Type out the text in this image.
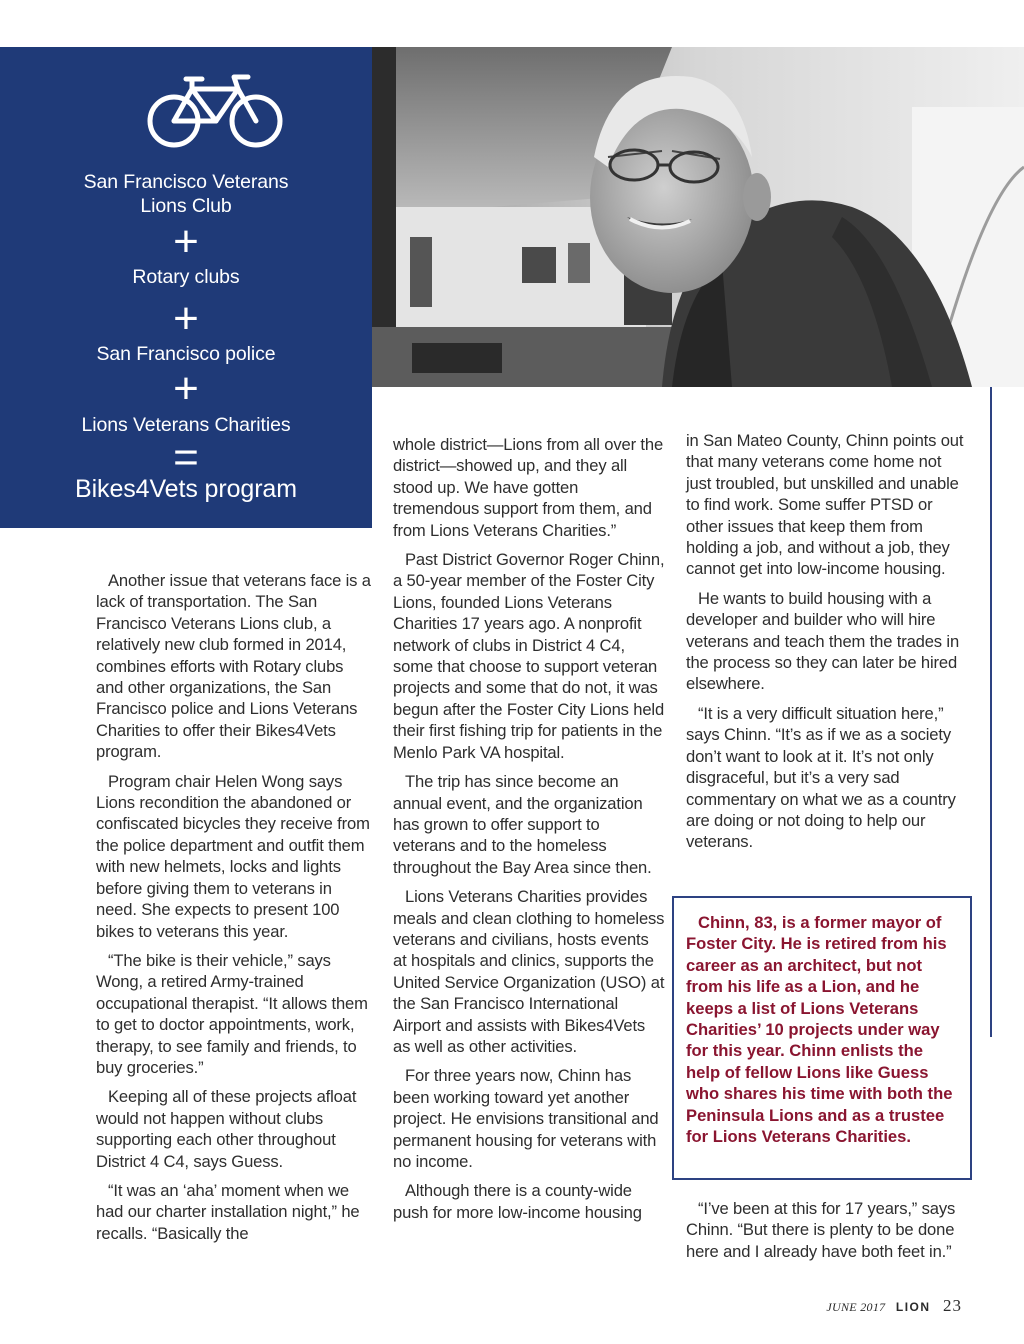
San Francisco Veterans
Lions Club
+
Rotary clubs
+
San Francisco police
+
Lions Veterans Charities
=
Bikes4Vets program

Another issue that veterans face is a lack of transportation. The San Francisco Veterans Lions club, a relatively new club formed in 2014, combines efforts with Rotary clubs and other organizations, the San Francisco police and Lions Veterans Charities to offer their Bikes4Vets program.

Program chair Helen Wong says Lions recondition the abandoned or confiscated bicycles they receive from the police department and outfit them with new helmets, locks and lights before giving them to veterans in need. She expects to present 100 bikes to veterans this year.

“The bike is their vehicle,” says Wong, a retired Army-trained occupational therapist. “It allows them to get to doctor appointments, work, therapy, to see family and friends, to buy groceries.”

Keeping all of these projects afloat would not happen without clubs supporting each other throughout District 4 C4, says Guess.

“It was an ‘aha’ moment when we had our charter installation night,” he recalls. “Basically the

whole district—Lions from all over the district—showed up, and they all stood up. We have gotten tremendous support from them, and from Lions Veterans Charities.”

Past District Governor Roger Chinn, a 50-year member of the Foster City Lions, founded Lions Veterans Charities 17 years ago. A nonprofit network of clubs in District 4 C4, some that choose to support veteran projects and some that do not, it was begun after the Foster City Lions held their first fishing trip for patients in the Menlo Park VA hospital.

The trip has since become an annual event, and the organization has grown to offer support to veterans and to the homeless throughout the Bay Area since then.

Lions Veterans Charities provides meals and clean clothing to homeless veterans and civilians, hosts events at hospitals and clinics, supports the United Service Organization (USO) at the San Francisco International Airport and assists with Bikes4Vets as well as other activities.

For three years now, Chinn has been working toward yet another project. He envisions transitional and permanent housing for veterans with no income.

Although there is a county-wide push for more low-income housing

in San Mateo County, Chinn points out that many veterans come home not just troubled, but unskilled and unable to find work. Some suffer PTSD or other issues that keep them from holding a job, and without a job, they cannot get into low-income housing.

He wants to build housing with a developer and builder who will hire veterans and teach them the trades in the process so they can later be hired elsewhere.

“It is a very difficult situation here,” says Chinn. “It’s as if we as a society don’t want to look at it. It’s not only disgraceful, but it’s a very sad commentary on what we as a country are doing or not doing to help our veterans.

Chinn, 83, is a former mayor of Foster City. He is retired from his career as an architect, but not from his life as a Lion, and he keeps a list of Lions Veterans Charities’ 10 projects under way for this year. Chinn enlists the help of fellow Lions like Guess who shares his time with both the Peninsula Lions and as a trustee for Lions Veterans Charities.

“I’ve been at this for 17 years,” says Chinn. “But there is plenty to be done here and I already have both feet in.”

JUNE 2017 LION 23
